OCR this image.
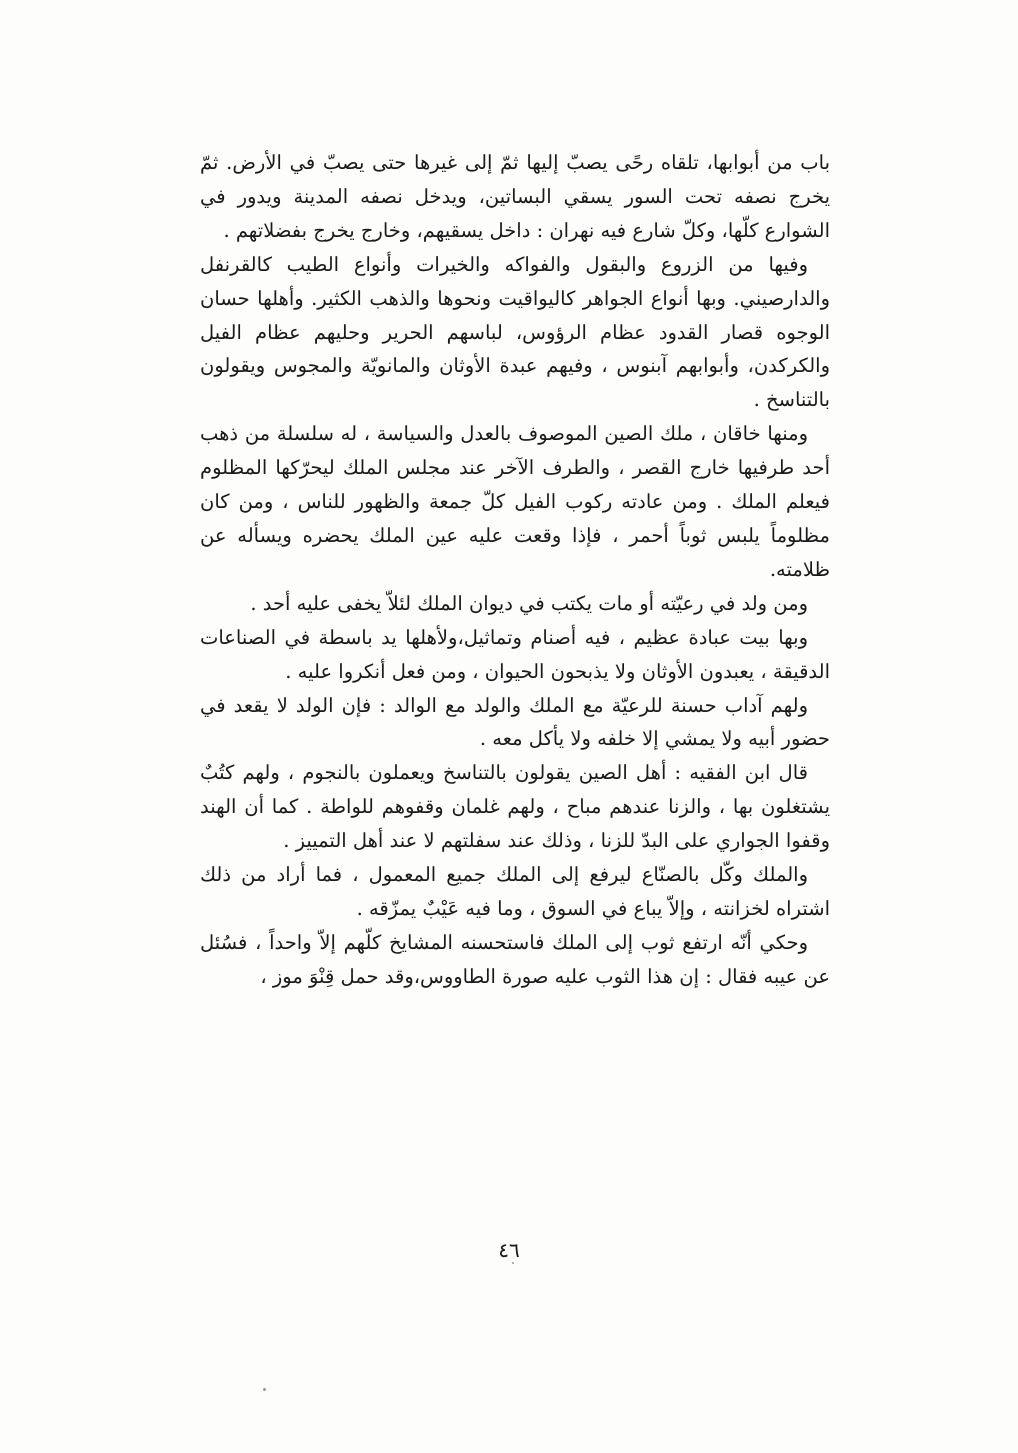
باب من أبوابها، تلقاه رحًى يصبّ إليها ثمّ إلى غيرها حتى يصبّ في الأرض. ثمّ يخرج نصفه تحت السور يسقي البساتين، ويدخل نصفه المدينة ويدور في الشوارع كلّها، وكلّ شارع فيه نهران : داخل يسقيهم، وخارج يخرج بفضلاتهم .

وفيها من الزروع والبقول والفواكه والخيرات وأنواع الطيب كالقرنفل والدارصيني. وبها أنواع الجواهر كاليواقيت ونحوها والذهب الكثير. وأهلها حسان الوجوه قصار القدود عظام الرؤوس، لباسهم الحرير وحليهم عظام الفيل والكركدن، وأبوابهم آبنوس ، وفيهم عبدة الأوثان والمانويّة والمجوس ويقولون بالتناسخ .

ومنها خاقان ، ملك الصين الموصوف بالعدل والسياسة ، له سلسلة من ذهب أحد طرفيها خارج القصر ، والطرف الآخر عند مجلس الملك ليحرّكها المظلوم فيعلم الملك . ومن عادته ركوب الفيل كلّ جمعة والظهور للناس ، ومن كان مظلوماً يلبس ثوباً أحمر ، فإذا وقعت عليه عين الملك يحضره ويسأله عن ظلامته.

ومن ولد في رعيّته أو مات يكتب في ديوان الملك لئلاّ يخفى عليه أحد .

وبها بيت عبادة عظيم ، فيه أصنام وتماثيل،ولأهلها يد باسطة في الصناعات الدقيقة ، يعبدون الأوثان ولا يذبحون الحيوان ، ومن فعل أنكروا عليه .

ولهم آداب حسنة للرعيّة مع الملك والولد مع الوالد : فإن الولد لا يقعد في حضور أبيه ولا يمشي إلا خلفه ولا يأكل معه .

قال ابن الفقيه : أهل الصين يقولون بالتناسخ ويعملون بالنجوم ، ولهم كتُبٌ يشتغلون بها ، والزنا عندهم مباح ، ولهم غلمان وقفوهم للواطة . كما أن الهند وقفوا الجواري على البدّ للزنا ، وذلك عند سفلتهم لا عند أهل التمييز .

والملك وكّل بالصنّاع ليرفع إلى الملك جميع المعمول ، فما أراد من ذلك اشتراه لخزانته ، وإلاّ يباع في السوق ، وما فيه عَيْبٌ يمزّقه .

وحكي أنّه ارتفع ثوب إلى الملك فاستحسنه المشايخ كلّهم إلاّ واحداً ، فسُئل عن عيبه فقال : إن هذا الثوب عليه صورة الطاووس،وقد حمل قِنْوَ موز ،

٤٦
